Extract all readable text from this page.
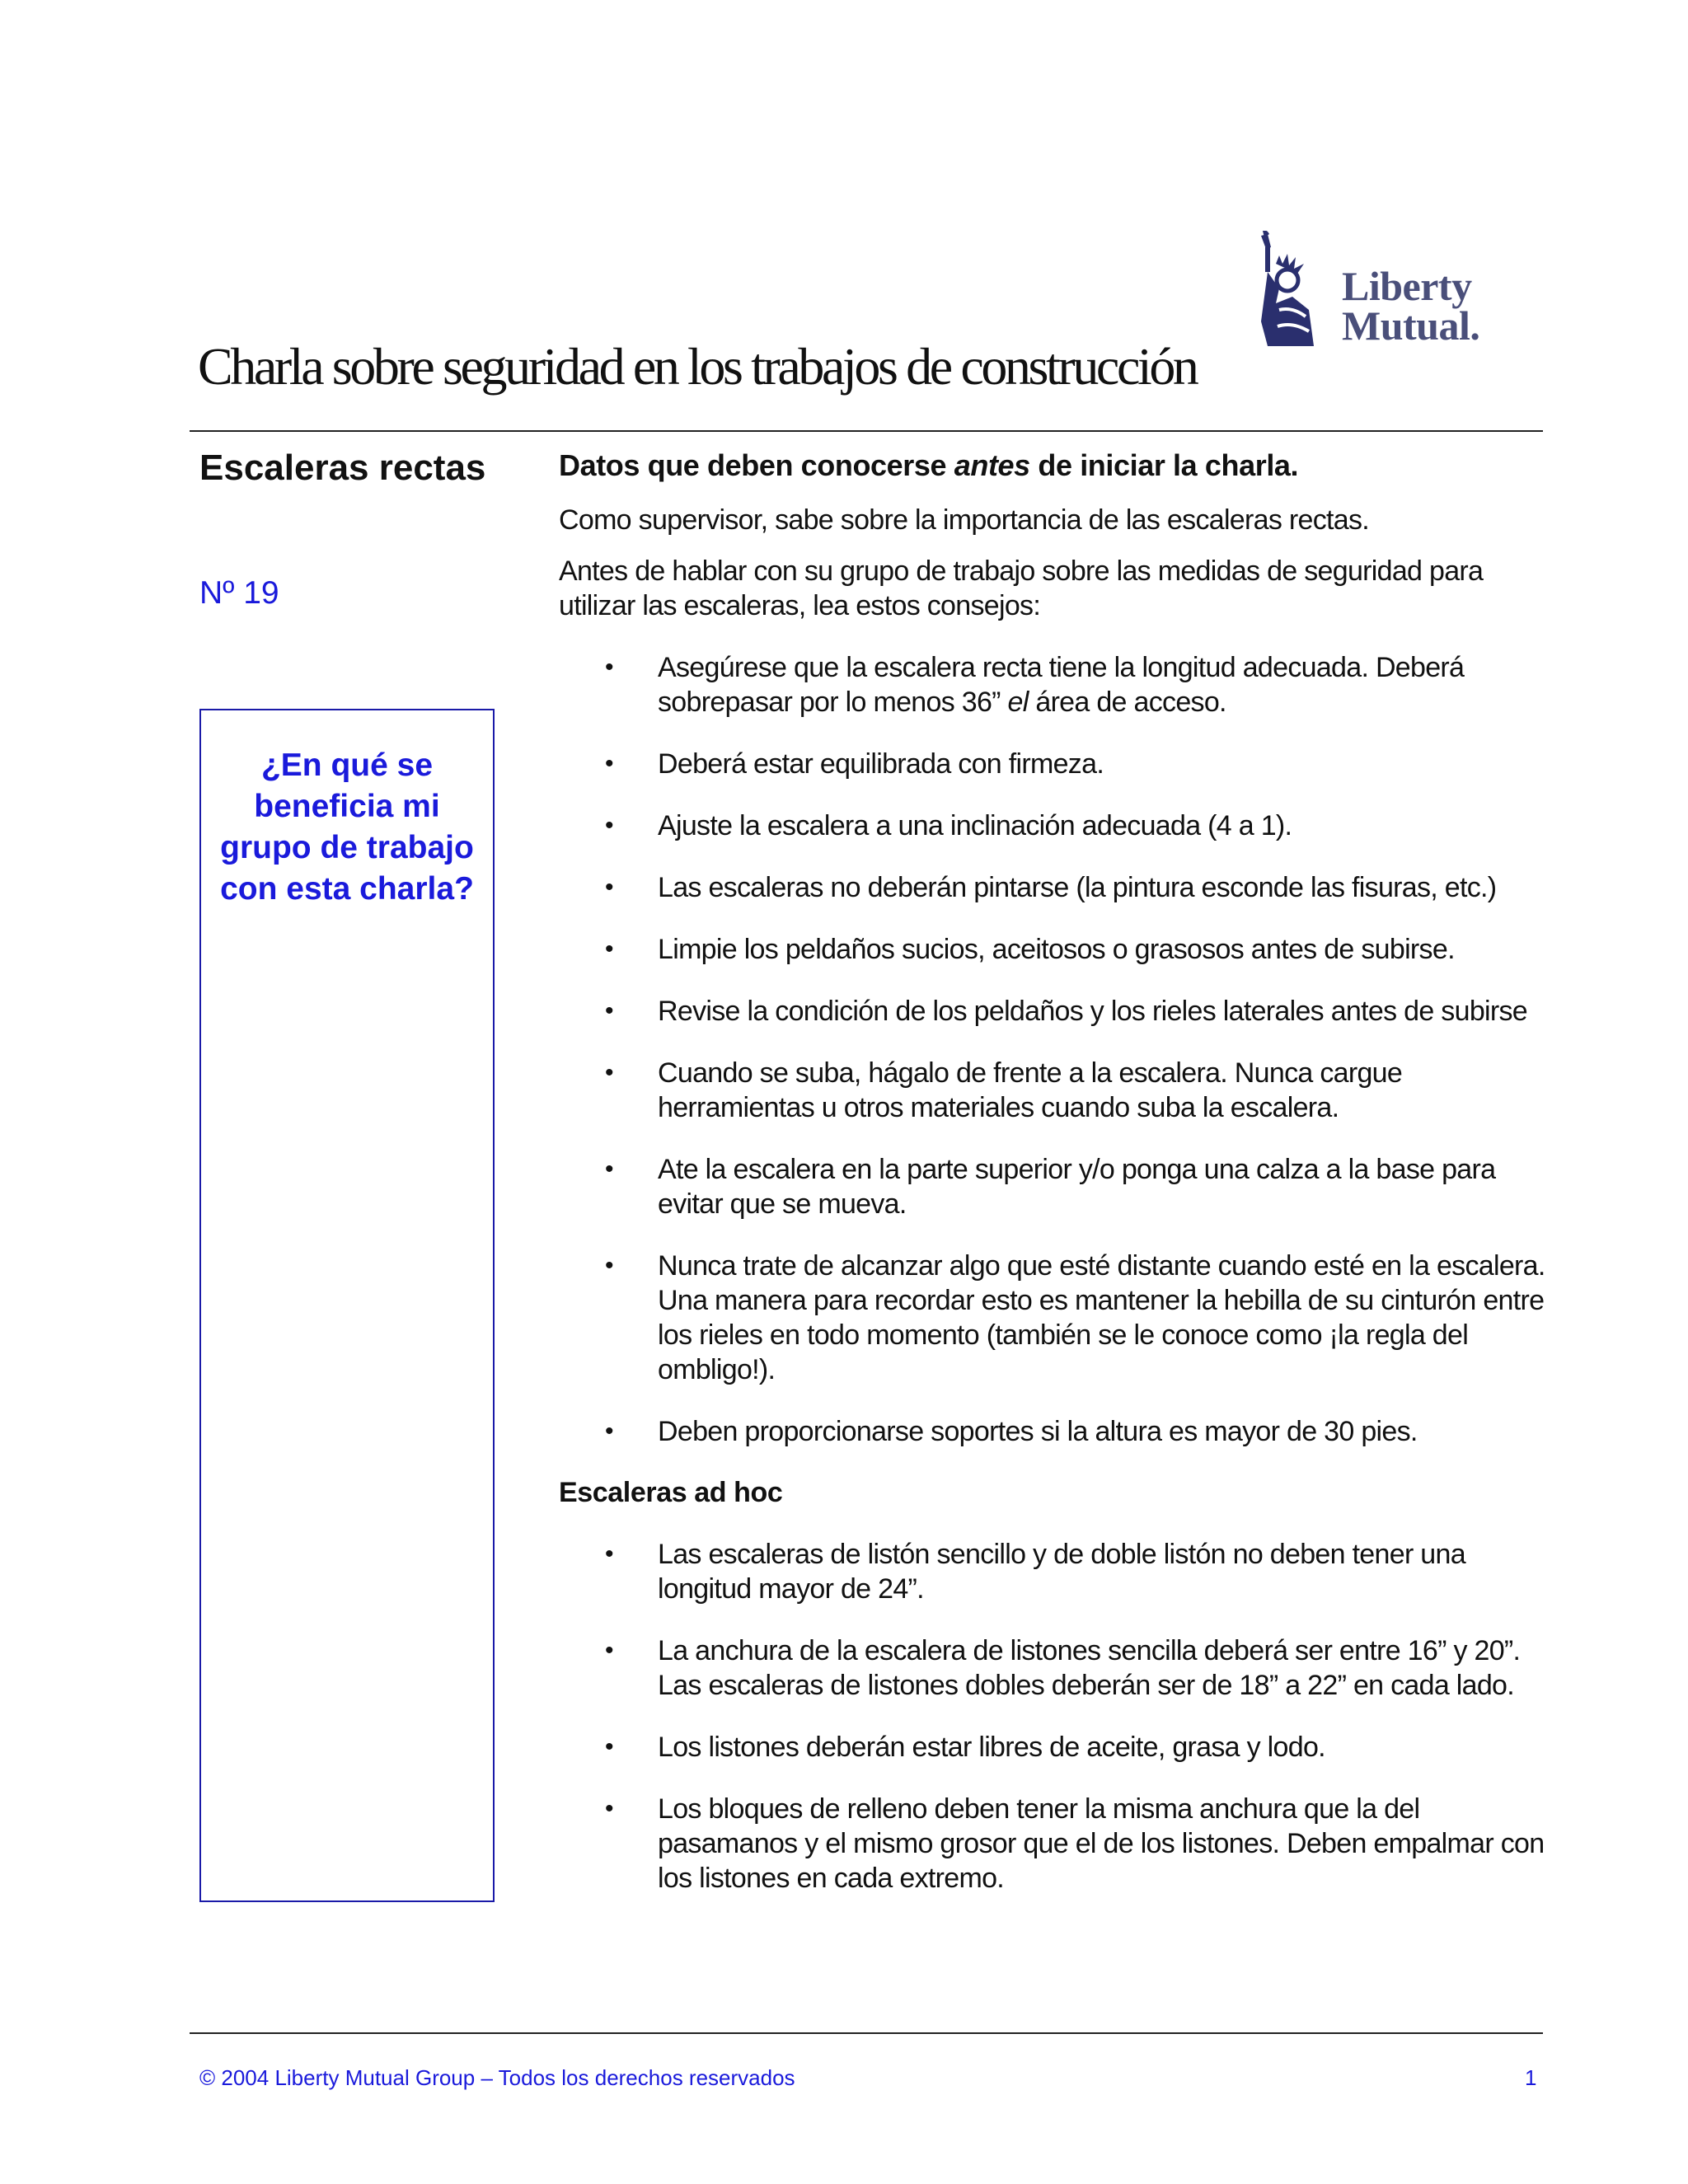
Liberty
Mutual.
Charla sobre seguridad en los trabajos de construcción
Escaleras rectas
Nº 19
¿En qué se beneficia mi grupo de trabajo con esta charla?
Datos que deben conocerse antes de iniciar la charla.

Como supervisor, sabe sobre la importancia de las escaleras rectas.

Antes de hablar con su grupo de trabajo sobre las medidas de seguridad para utilizar las escaleras, lea estos consejos:

• Asegúrese que la escalera recta tiene la longitud adecuada. Deberá sobrepasar por lo menos 36” el área de acceso.
• Deberá estar equilibrada con firmeza.
• Ajuste la escalera a una inclinación adecuada (4 a 1).
• Las escaleras no deberán pintarse (la pintura esconde las fisuras, etc.)
• Limpie los peldaños sucios, aceitosos o grasosos antes de subirse.
• Revise la condición de los peldaños y los rieles laterales antes de subirse
• Cuando se suba, hágalo de frente a la escalera. Nunca cargue herramientas u otros materiales cuando suba la escalera.
• Ate la escalera en la parte superior y/o ponga una calza a la base para evitar que se mueva.
• Nunca trate de alcanzar algo que esté distante cuando esté en la escalera. Una manera para recordar esto es mantener la hebilla de su cinturón entre los rieles en todo momento (también se le conoce como ¡la regla del ombligo!).
• Deben proporcionarse soportes si la altura es mayor de 30 pies.
Escaleras ad hoc
• Las escaleras de listón sencillo y de doble listón no deben tener una longitud mayor de 24”.
• La anchura de la escalera de listones sencilla deberá ser entre 16” y 20”. Las escaleras de listones dobles deberán ser de 18” a 22” en cada lado.
• Los listones deberán estar libres de aceite, grasa y lodo.
• Los bloques de relleno deben tener la misma anchura que la del pasamanos y el mismo grosor que el de los listones. Deben empalmar con los listones en cada extremo.
© 2004 Liberty Mutual Group – Todos los derechos reservados	1
